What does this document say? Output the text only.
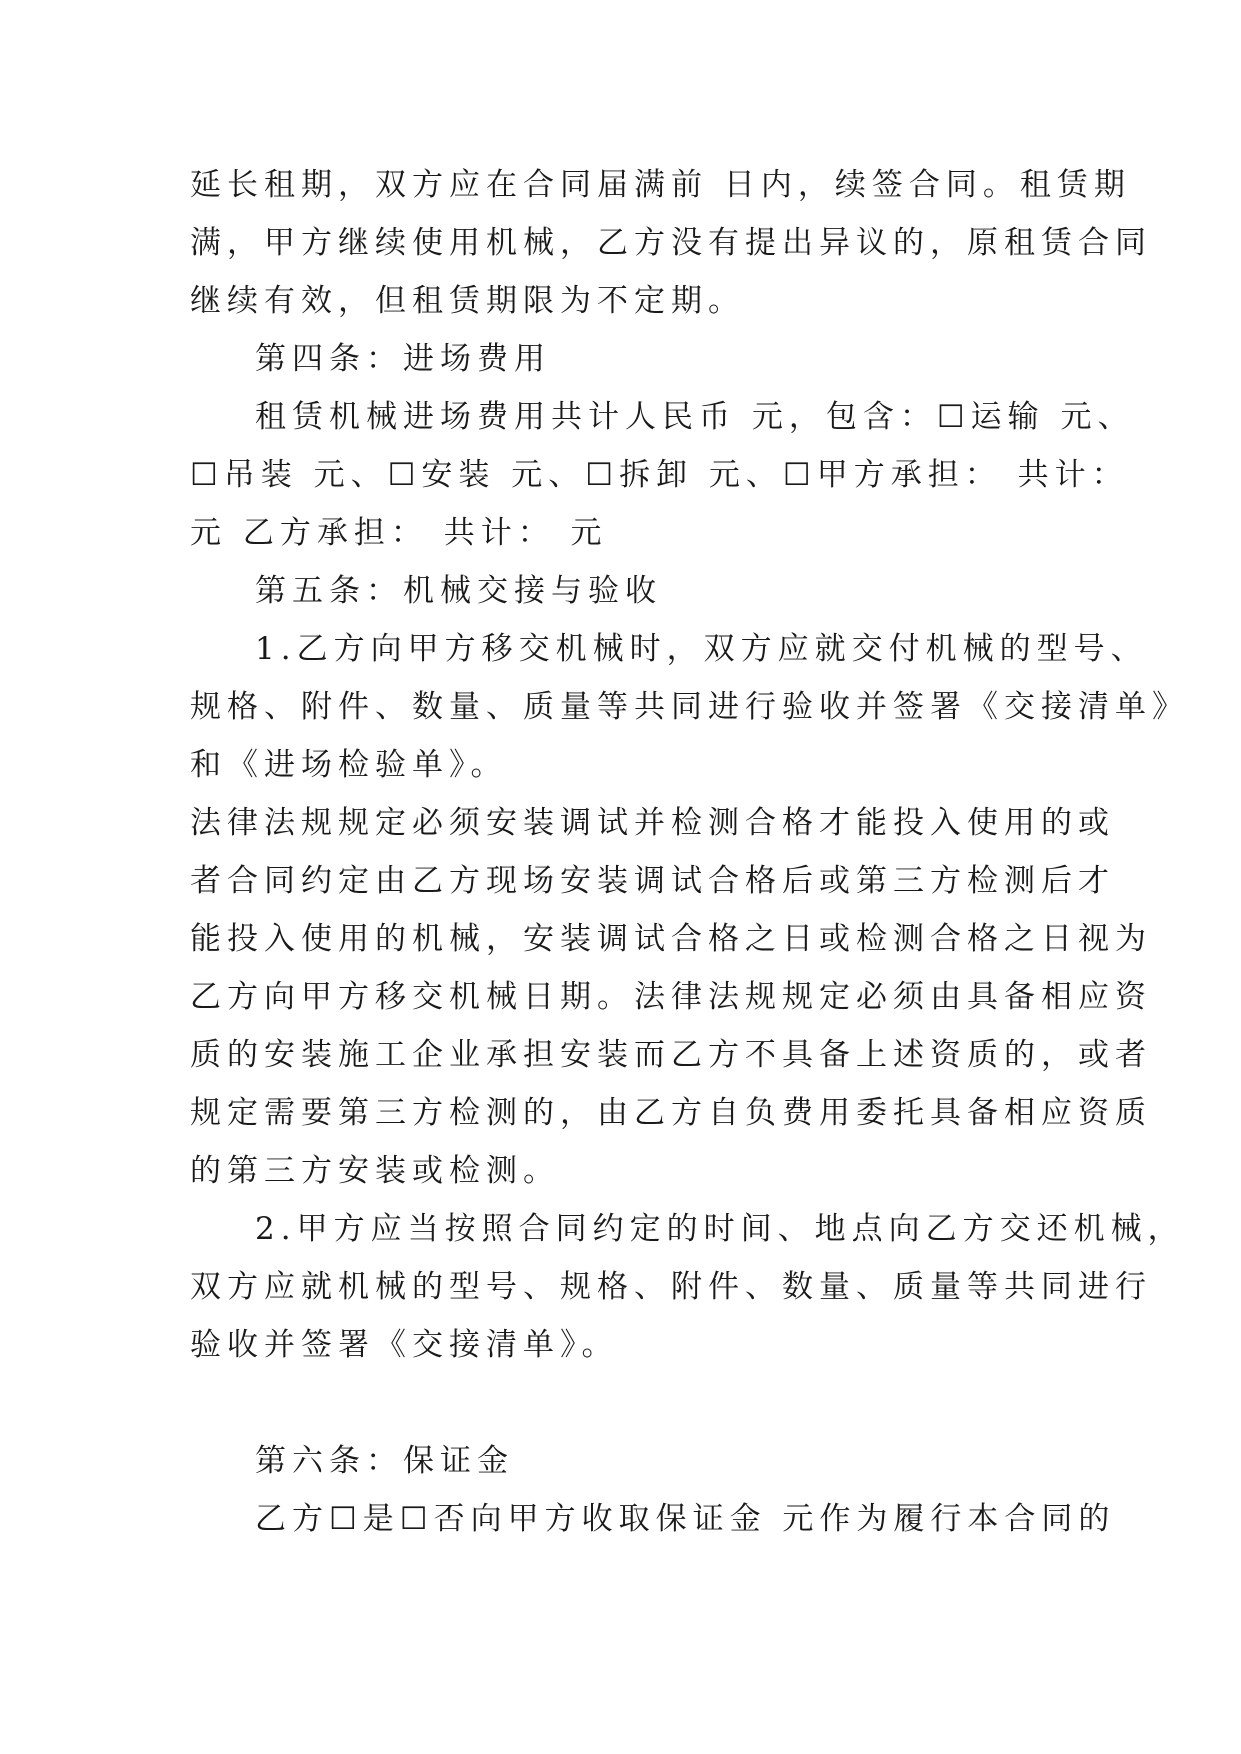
延长租期，双方应在合同届满前 日内，续签合同。租赁期
满，甲方继续使用机械，乙方没有提出异议的，原租赁合同
继续有效，但租赁期限为不定期。
第四条：进场费用
租赁机械进场费用共计人民币 元，包含：☐运输 元、
☐吊装 元、☐安装 元、☐拆卸 元、☐甲方承担： 共计：
元 乙方承担： 共计： 元
第五条：机械交接与验收
1.乙方向甲方移交机械时，双方应就交付机械的型号、
规格、附件、数量、质量等共同进行验收并签署《交接清单》
和《进场检验单》。
法律法规规定必须安装调试并检测合格才能投入使用的或
者合同约定由乙方现场安装调试合格后或第三方检测后才
能投入使用的机械，安装调试合格之日或检测合格之日视为
乙方向甲方移交机械日期。法律法规规定必须由具备相应资
质的安装施工企业承担安装而乙方不具备上述资质的，或者
规定需要第三方检测的，由乙方自负费用委托具备相应资质
的第三方安装或检测。
2.甲方应当按照合同约定的时间、地点向乙方交还机械，
双方应就机械的型号、规格、附件、数量、质量等共同进行
验收并签署《交接清单》。
第六条：保证金
乙方☐是☐否向甲方收取保证金 元作为履行本合同的
